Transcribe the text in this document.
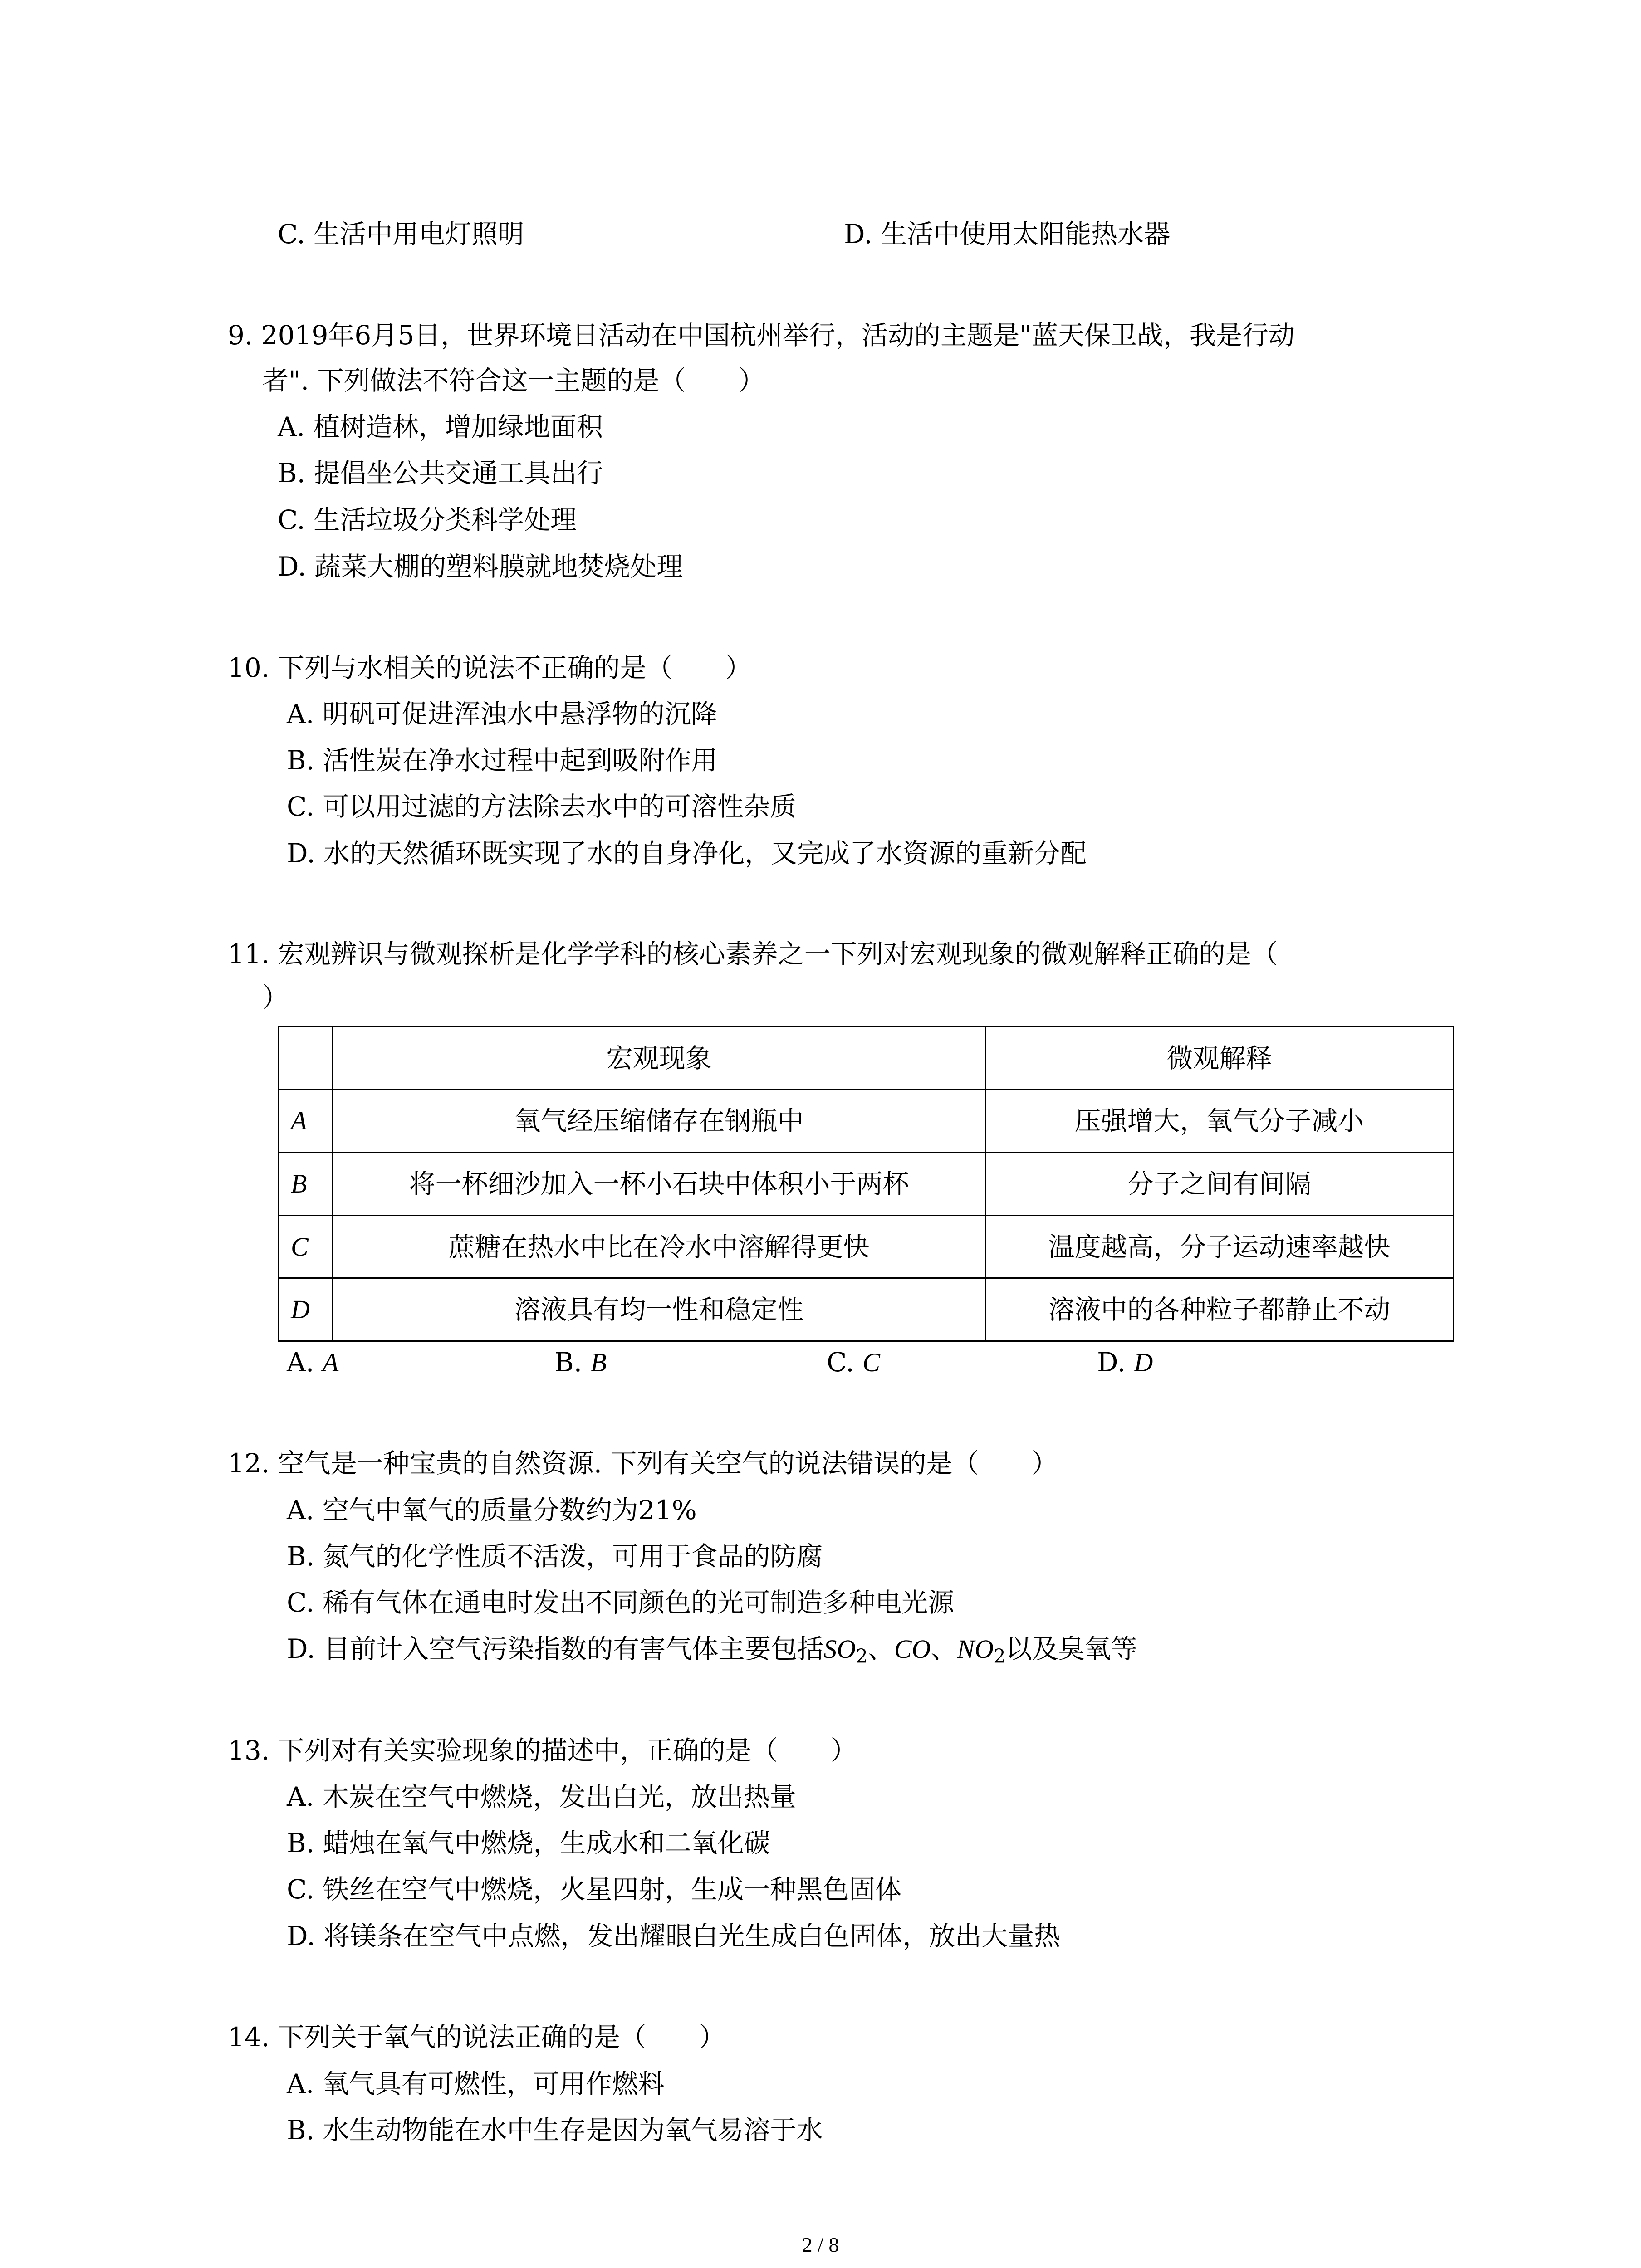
C. 生活中用电灯照明	D. 生活中使用太阳能热水器
9. 2019年6月5日，世界环境日活动在中国杭州举行，活动的主题是"蓝天保卫战，我是行动
者". 下列做法不符合这一主题的是（　　）
A. 植树造林，增加绿地面积
B. 提倡坐公共交通工具出行
C. 生活垃圾分类科学处理
D. 蔬菜大棚的塑料膜就地焚烧处理
10. 下列与水相关的说法不正确的是（　　）
A. 明矾可促进浑浊水中悬浮物的沉降
B. 活性炭在净水过程中起到吸附作用
C. 可以用过滤的方法除去水中的可溶性杂质
D. 水的天然循环既实现了水的自身净化，又完成了水资源的重新分配
11. 宏观辨识与微观探析是化学学科的核心素养之一下列对宏观现象的微观解释正确的是（
）
	宏观现象	微观解释
A	氧气经压缩储存在钢瓶中	压强增大，氧气分子减小
B	将一杯细沙加入一杯小石块中体积小于两杯	分子之间有间隔
C	蔗糖在热水中比在冷水中溶解得更快	温度越高，分子运动速率越快
D	溶液具有均一性和稳定性	溶液中的各种粒子都静止不动
A. A	B. B	C. C	D. D
12. 空气是一种宝贵的自然资源. 下列有关空气的说法错误的是（　　）
A. 空气中氧气的质量分数约为21%
B. 氮气的化学性质不活泼，可用于食品的防腐
C. 稀有气体在通电时发出不同颜色的光可制造多种电光源
D. 目前计入空气污染指数的有害气体主要包括$SO_2$、CO、$NO_2$以及臭氧等
13. 下列对有关实验现象的描述中，正确的是（　　）
A. 木炭在空气中燃烧，发出白光，放出热量
B. 蜡烛在氧气中燃烧，生成水和二氧化碳
C. 铁丝在空气中燃烧，火星四射，生成一种黑色固体
D. 将镁条在空气中点燃，发出耀眼白光生成白色固体，放出大量热
14. 下列关于氧气的说法正确的是（　　）
A. 氧气具有可燃性，可用作燃料
B. 水生动物能在水中生存是因为氧气易溶于水
2 / 8
